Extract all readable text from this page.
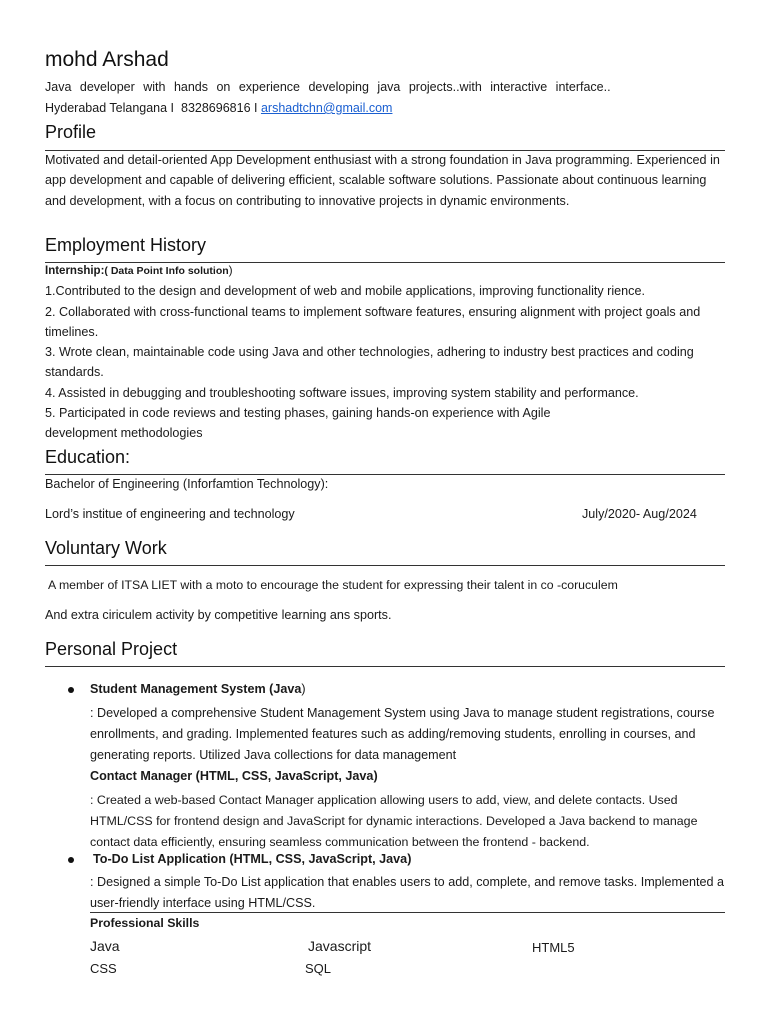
mohd Arshad
Java developer with hands on experience developing java projects..with interactive interface..
Hyderabad Telangana I 8328696816 I arshadtchn@gmail.com
Profile
Motivated and detail-oriented App Development enthusiast with a strong foundation in Java programming. Experienced in app development and capable of delivering efficient, scalable software solutions. Passionate about continuous learning and development, with a focus on contributing to innovative projects in dynamic environments.
Employment History
Internship:( Data Point Info solution)
1.Contributed to the design and development of web and mobile applications, improving functionality rience.
2. Collaborated with cross-functional teams to implement software features, ensuring alignment with project goals and timelines.
3. Wrote clean, maintainable code using Java and other technologies, adhering to industry best practices and coding standards.
4. Assisted in debugging and troubleshooting software issues, improving system stability and performance.
5. Participated in code reviews and testing phases, gaining hands-on experience with Agile development methodologies
Education:
Bachelor of Engineering (Inforfamtion Technology):
Lord’s institue of engineering and technology	July/2020- Aug/2024
Voluntary Work
A member of ITSA LIET with a moto to encourage the student for expressing their talent in co -coruculem
And extra ciriculem activity by competitive learning ans sports.
Personal Project
Student Management System (Java)
: Developed a comprehensive Student Management System using Java to manage student registrations, course enrollments, and grading. Implemented features such as adding/removing students, enrolling in courses, and generating reports. Utilized Java collections for data management
Contact Manager (HTML, CSS, JavaScript, Java)
: Created a web-based Contact Manager application allowing users to add, view, and delete contacts. Used HTML/CSS for frontend design and JavaScript for dynamic interactions. Developed a Java backend to manage contact data efficiently, ensuring seamless communication between the frontend - backend.
To-Do List Application (HTML, CSS, JavaScript, Java)
: Designed a simple To-Do List application that enables users to add, complete, and remove tasks. Implemented a user-friendly interface using HTML/CSS.
Professional Skills
Java	Javascript	HTML5
CSS	SQL
